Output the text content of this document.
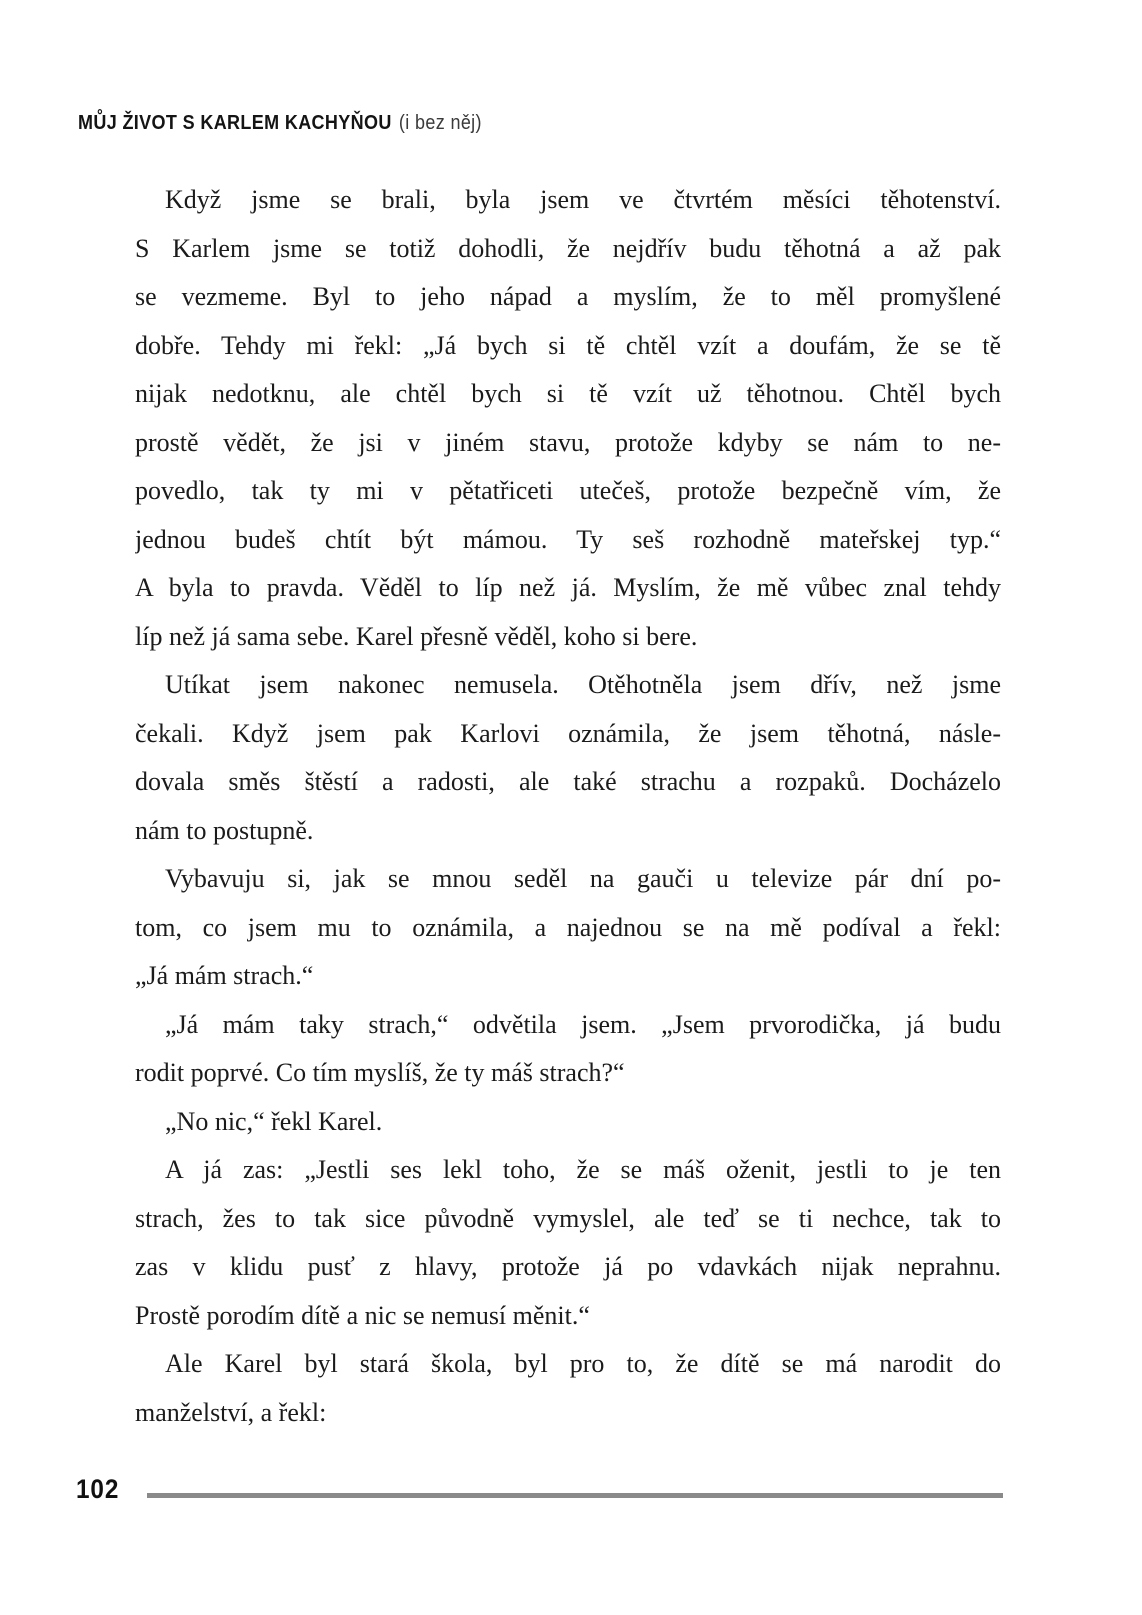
MŮJ ŽIVOT S KARLEM KACHYŇOU (i bez něj)
Když jsme se brali, byla jsem ve čtvrtém měsíci těhotenství.
S Karlem jsme se totiž dohodli, že nejdřív budu těhotná a až pak
se vezmeme. Byl to jeho nápad a myslím, že to měl promyšlené
dobře. Tehdy mi řekl: „Já bych si tě chtěl vzít a doufám, že se tě
nijak nedotknu, ale chtěl bych si tě vzít už těhotnou. Chtěl bych
prostě vědět, že jsi v jiném stavu, protože kdyby se nám to ne-
povedlo, tak ty mi v pětatřiceti utečeš, protože bezpečně vím, že
jednou budeš chtít být mámou. Ty seš rozhodně mateřskej typ.“
A byla to pravda. Věděl to líp než já. Myslím, že mě vůbec znal tehdy
líp než já sama sebe. Karel přesně věděl, koho si bere.
Utíkat jsem nakonec nemusela. Otěhotněla jsem dřív, než jsme
čekali. Když jsem pak Karlovi oznámila, že jsem těhotná, násle-
dovala směs štěstí a radosti, ale také strachu a rozpaků. Docházelo
nám to postupně.
Vybavuju si, jak se mnou seděl na gauči u televize pár dní po-
tom, co jsem mu to oznámila, a najednou se na mě podíval a řekl:
„Já mám strach.“
„Já mám taky strach,“ odvětila jsem. „Jsem prvorodička, já budu
rodit poprvé. Co tím myslíš, že ty máš strach?“
„No nic,“ řekl Karel.
A já zas: „Jestli ses lekl toho, že se máš oženit, jestli to je ten
strach, žes to tak sice původně vymyslel, ale teď se ti nechce, tak to
zas v klidu pusť z hlavy, protože já po vdavkách nijak neprahnu.
Prostě porodím dítě a nic se nemusí měnit.“
Ale Karel byl stará škola, byl pro to, že dítě se má narodit do
manželství, a řekl:
102
